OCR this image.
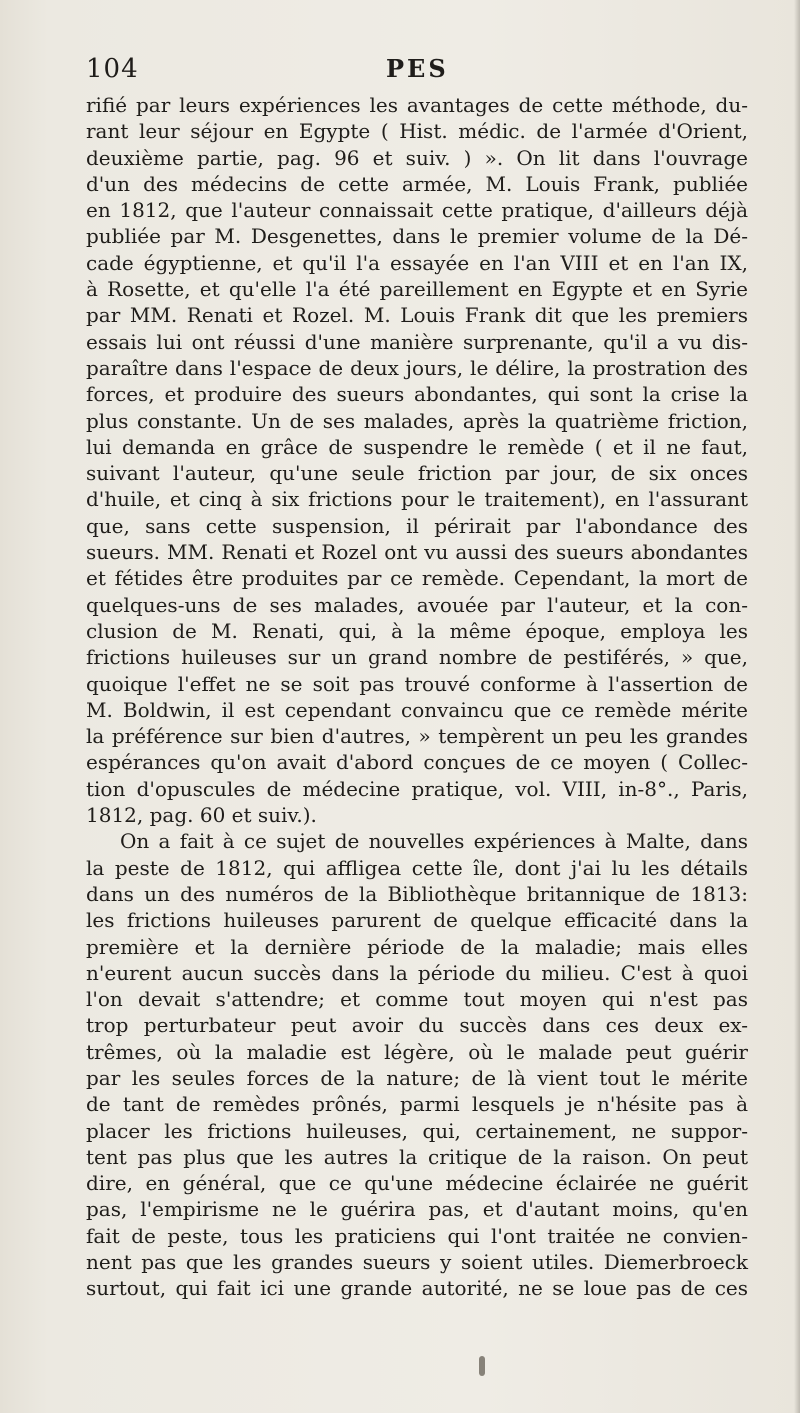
104	PES
rifié par leurs expériences les avantages de cette méthode, du-
rant leur séjour en Egypte ( Hist. médic. de l'armée d'Orient,
deuxième partie, pag. 96 et suiv. ) ». On lit dans l'ouvrage
d'un des médecins de cette armée, M. Louis Frank, publiée
en 1812, que l'auteur connaissait cette pratique, d'ailleurs déjà
publiée par M. Desgenettes, dans le premier volume de la Dé-
cade égyptienne, et qu'il l'a essayée en l'an VIII et en l'an IX,
à Rosette, et qu'elle l'a été pareillement en Egypte et en Syrie
par MM. Renati et Rozel. M. Louis Frank dit que les premiers
essais lui ont réussi d'une manière surprenante, qu'il a vu dis-
paraître dans l'espace de deux jours, le délire, la prostration des
forces, et produire des sueurs abondantes, qui sont la crise la
plus constante. Un de ses malades, après la quatrième friction,
lui demanda en grâce de suspendre le remède ( et il ne faut,
suivant l'auteur, qu'une seule friction par jour, de six onces
d'huile, et cinq à six frictions pour le traitement), en l'assurant
que, sans cette suspension, il périrait par l'abondance des
sueurs. MM. Renati et Rozel ont vu aussi des sueurs abondantes
et fétides être produites par ce remède. Cependant, la mort de
quelques-uns de ses malades, avouée par l'auteur, et la con-
clusion de M. Renati, qui, à la même époque, employa les
frictions huileuses sur un grand nombre de pestiférés, » que,
quoique l'effet ne se soit pas trouvé conforme à l'assertion de
M. Boldwin, il est cependant convaincu que ce remède mérite
la préférence sur bien d'autres, » tempèrent un peu les grandes
espérances qu'on avait d'abord conçues de ce moyen ( Collec-
tion d'opuscules de médecine pratique, vol. VIII, in-8°., Paris,
1812, pag. 60 et suiv.).
On a fait à ce sujet de nouvelles expériences à Malte, dans
la peste de 1812, qui affligea cette île, dont j'ai lu les détails
dans un des numéros de la Bibliothèque britannique de 1813:
les frictions huileuses parurent de quelque efficacité dans la
première et la dernière période de la maladie; mais elles
n'eurent aucun succès dans la période du milieu. C'est à quoi
l'on devait s'attendre; et comme tout moyen qui n'est pas
trop perturbateur peut avoir du succès dans ces deux ex-
trêmes, où la maladie est légère, où le malade peut guérir
par les seules forces de la nature; de là vient tout le mérite
de tant de remèdes prônés, parmi lesquels je n'hésite pas à
placer les frictions huileuses, qui, certainement, ne suppor-
tent pas plus que les autres la critique de la raison. On peut
dire, en général, que ce qu'une médecine éclairée ne guérit
pas, l'empirisme ne le guérira pas, et d'autant moins, qu'en
fait de peste, tous les praticiens qui l'ont traitée ne convien-
nent pas que les grandes sueurs y soient utiles. Diemerbroeck
surtout, qui fait ici une grande autorité, ne se loue pas de ces
